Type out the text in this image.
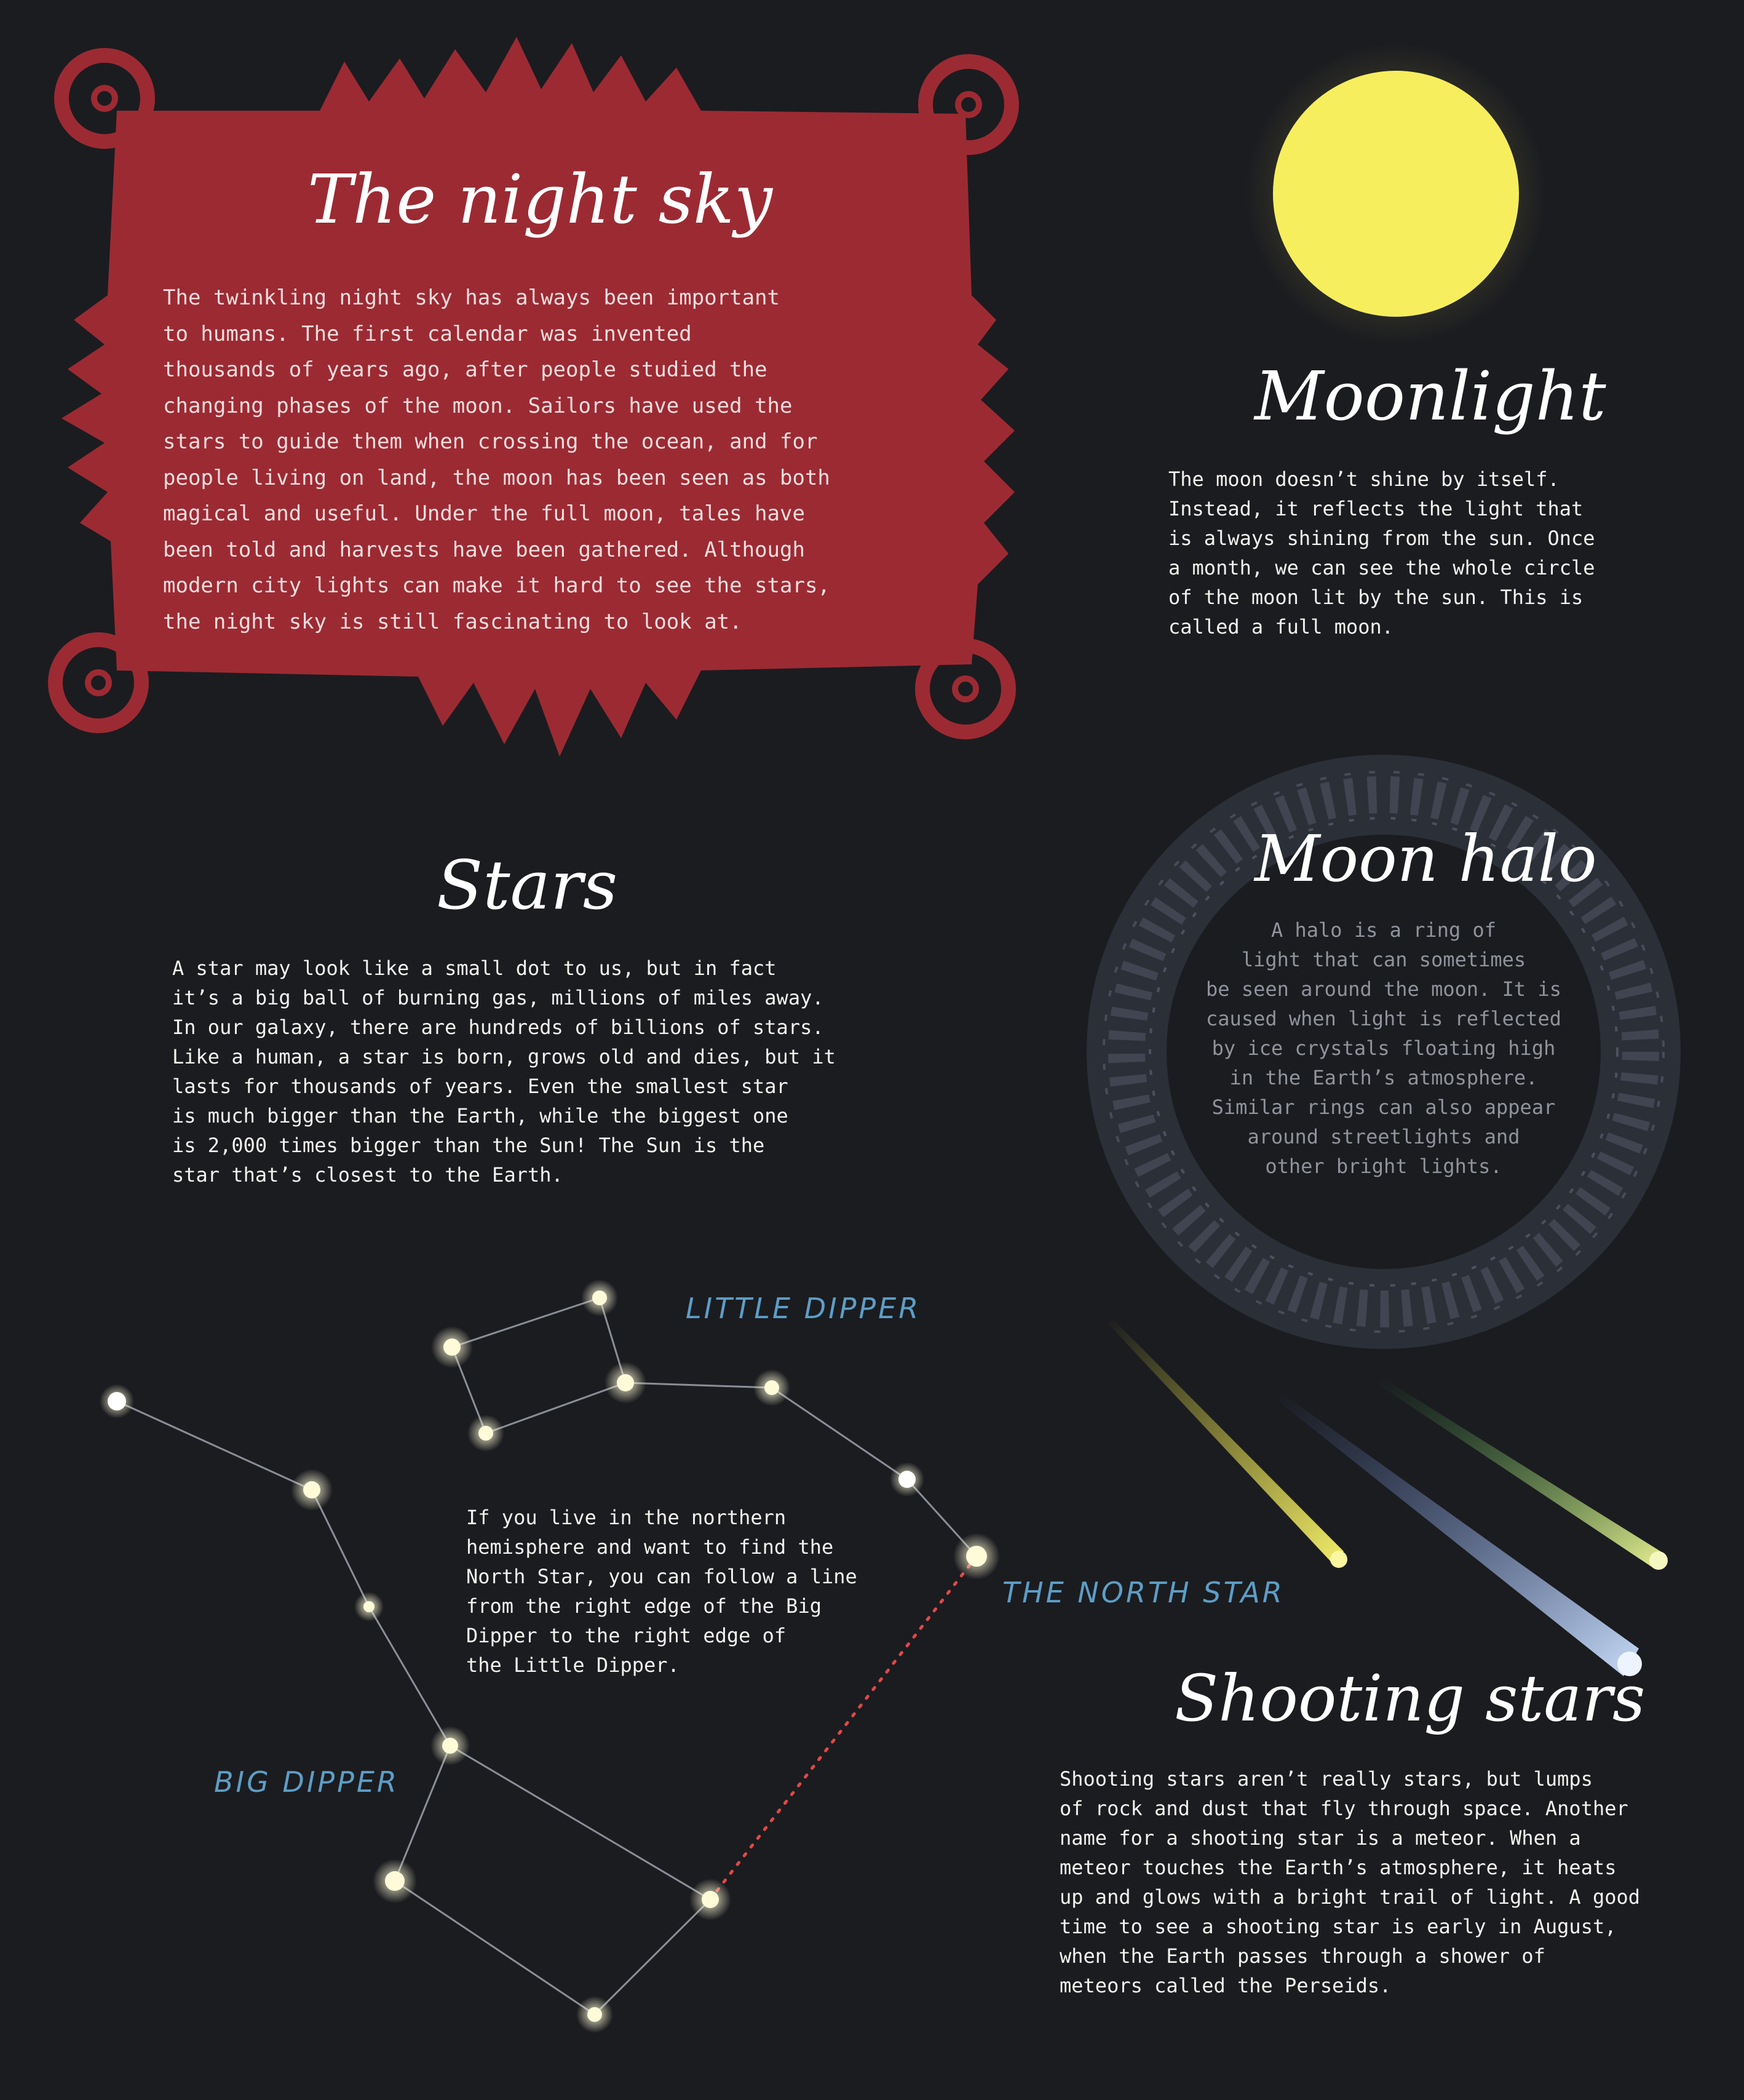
The night sky
The twinkling night sky has always been important
to humans. The first calendar was invented
thousands of years ago, after people studied the
changing phases of the moon. Sailors have used the
stars to guide them when crossing the ocean, and for
people living on land, the moon has been seen as both
magical and useful. Under the full moon, tales have
been told and harvests have been gathered. Although
modern city lights can make it hard to see the stars,
the night sky is still fascinating to look at.
Moonlight
The moon doesn’t shine by itself.
Instead, it reflects the light that
is always shining from the sun. Once
a month, we can see the whole circle
of the moon lit by the sun. This is
called a full moon.
Moon halo
A halo is a ring of
light that can sometimes
be seen around the moon. It is
caused when light is reflected
by ice crystals floating high
in the Earth’s atmosphere.
Similar rings can also appear
around streetlights and
other bright lights.
Stars
A star may look like a small dot to us, but in fact
it’s a big ball of burning gas, millions of miles away.
In our galaxy, there are hundreds of billions of stars.
Like a human, a star is born, grows old and dies, but it
lasts for thousands of years. Even the smallest star
is much bigger than the Earth, while the biggest one
is 2,000 times bigger than the Sun! The Sun is the
star that’s closest to the Earth.
LITTLE DIPPER
THE NORTH STAR
BIG DIPPER
If you live in the northern
hemisphere and want to find the
North Star, you can follow a line
from the right edge of the Big
Dipper to the right edge of
the Little Dipper.	Shooting stars
Shooting stars aren’t really stars, but lumps
of rock and dust that fly through space. Another
name for a shooting star is a meteor. When a
meteor touches the Earth’s atmosphere, it heats
up and glows with a bright trail of light. A good
time to see a shooting star is early in August,
when the Earth passes through a shower of
meteors called the Perseids.
